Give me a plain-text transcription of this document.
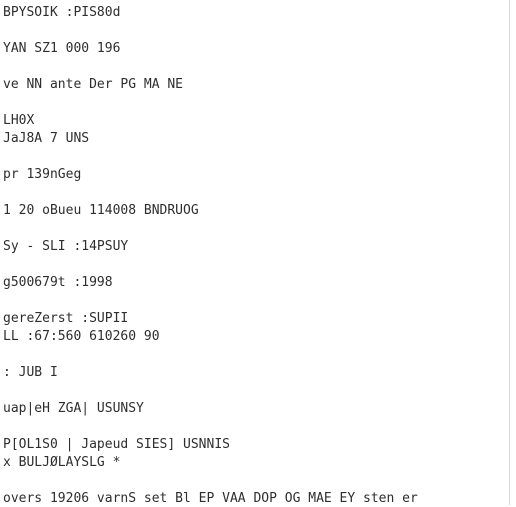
BPYSOIK :PIS80d
YAN SZ1 000 196
ve NN ante Der PG MA NE
LH0X
JaJ8A 7 UNS
pr 139nGeg
1 20 oBueu 114008 BNDRUOG
Sy - SLI :14PSUY
g500679t :1998
gereZerst :SUPII
LL :67:560 610260 90
: JUB I
uap|eH ZGA| USUNSY
P[OL1S0 | Japeud SIES] USNNIS
x BULJØLAYSLG *
overs 19206 varnS set Bl EP VAA DOP OG MAE EY sten er
